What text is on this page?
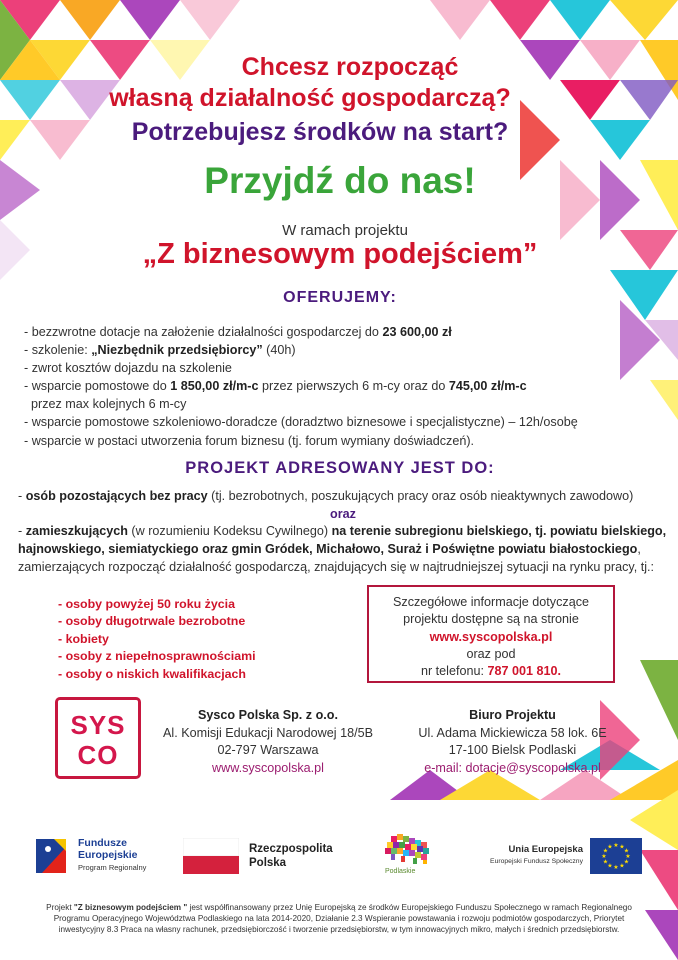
Chcesz rozpocząć
własną działalność gospodarczą?
Potrzebujesz środków na start?
Przyjdź do nas!
W ramach projektu
„Z biznesowym podejściem”
OFERUJEMY:
- bezzwrotne dotacje na założenie działalności gospodarczej do 23 600,00 zł
- szkolenie: „Niezbędnik przedsiębiorcy” (40h)
- zwrot kosztów dojazdu na szkolenie
- wsparcie pomostowe do 1 850,00 zł/m-c przez pierwszych 6 m-cy oraz do 745,00 zł/m-c
przez max kolejnych 6 m-cy
- wsparcie pomostowe szkoleniowo-doradcze (doradztwo biznesowe i specjalistyczne) – 12h/osobę
- wsparcie w postaci utworzenia forum biznesu (tj. forum wymiany doświadczeń).
PROJEKT ADRESOWANY JEST DO:
- osób pozostających bez pracy (tj. bezrobotnych, poszukujących pracy oraz osób nieaktywnych zawodowo)
oraz
- zamieszkujących (w rozumieniu Kodeksu Cywilnego) na terenie subregionu bielskiego, tj. powiatu bielskiego, hajnowskiego, siemiatyckiego oraz gmin Gródek, Michałowo, Suraż i Poświętne powiatu białostockiego, zamierzających rozpocząć działalność gospodarczą, znajdujących się w najtrudniejszej sytuacji na rynku pracy, tj.:
- osoby powyżej 50 roku życia
- osoby długotrwale bezrobotne
- kobiety
- osoby z niepełnosprawnościami
- osoby o niskich kwalifikacjach
Szczegółowe informacje dotyczące
projektu dostępne są na stronie
www.syscopolska.pl
oraz pod
nr telefonu: 787 001 810.
SYS
CO
Sysco Polska Sp. z o.o.
Al. Komisji Edukacji Narodowej 18/5B
02-797 Warszawa
www.syscopolska.pl
Biuro Projektu
Ul. Adama Mickiewicza 58 lok. 6E
17-100 Bielsk Podlaski
e-mail: dotacje@syscopolska.pl
Fundusze
Europejskie
Program Regionalny
Rzeczpospolita
Polska
Podlaskie
Unia Europejska
Europejski Fundusz Społeczny
★ ★
★
★
★
★
★
★
★
★
★
★
Projekt "Z biznesowym podejściem " jest współfinansowany przez Unię Europejską ze środków Europejskiego Funduszu Społecznego w ramach Regionalnego Programu Operacyjnego Województwa Podlaskiego na lata 2014-2020, Działanie 2.3 Wspieranie powstawania i rozwoju podmiotów gospodarczych, Priorytet inwestycyjny 8.3 Praca na własny rachunek, przedsiębiorczość i tworzenie przedsiębiorstw, w tym innowacyjnych mikro, małych i średnich przedsiębiorstw.
